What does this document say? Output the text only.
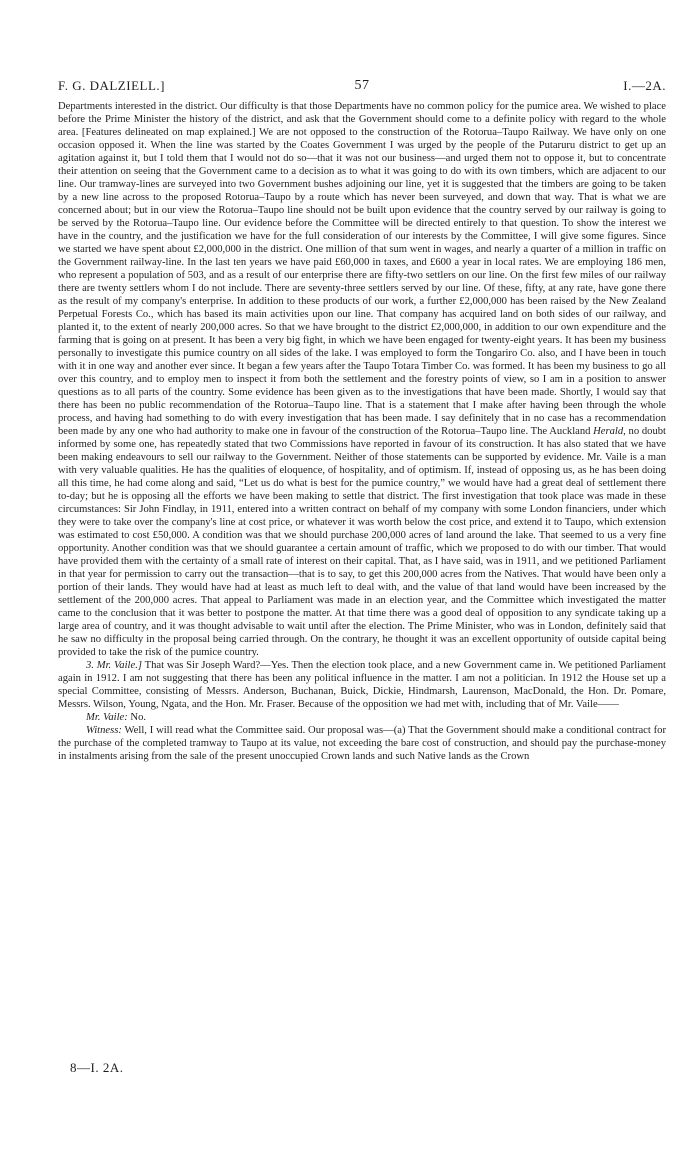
F. G. DALZIELL.]	57	I.—2A.

Departments interested in the district. Our difficulty is that those Departments have no common policy for the pumice area. We wished to place before the Prime Minister the history of the district, and ask that the Government should come to a definite policy with regard to the whole area. [Features delineated on map explained.] We are not opposed to the construction of the Rotorua–Taupo Railway. We have only on one occasion opposed it. When the line was started by the Coates Government I was urged by the people of the Putaruru district to get up an agitation against it, but I told them that I would not do so—that it was not our business—and urged them not to oppose it, but to concentrate their attention on seeing that the Government came to a decision as to what it was going to do with its own timbers, which are adjacent to our line. Our tramway-lines are surveyed into two Government bushes adjoining our line, yet it is suggested that the timbers are going to be taken by a new line across to the proposed Rotorua–Taupo by a route which has never been surveyed, and down that way. That is what we are concerned about; but in our view the Rotorua–Taupo line should not be built upon evidence that the country served by our railway is going to be served by the Rotorua–Taupo line. Our evidence before the Committee will be directed entirely to that question. To show the interest we have in the country, and the justification we have for the full consideration of our interests by the Committee, I will give some figures. Since we started we have spent about £2,000,000 in the district. One million of that sum went in wages, and nearly a quarter of a million in traffic on the Government railway-line. In the last ten years we have paid £60,000 in taxes, and £600 a year in local rates. We are employing 186 men, who represent a population of 503, and as a result of our enterprise there are fifty-two settlers on our line. On the first few miles of our railway there are twenty settlers whom I do not include. There are seventy-three settlers served by our line. Of these, fifty, at any rate, have gone there as the result of my company's enterprise. In addition to these products of our work, a further £2,000,000 has been raised by the New Zealand Perpetual Forests Co., which has based its main activities upon our line. That company has acquired land on both sides of our railway, and planted it, to the extent of nearly 200,000 acres. So that we have brought to the district £2,000,000, in addition to our own expenditure and the farming that is going on at present. It has been a very big fight, in which we have been engaged for twenty-eight years. It has been my business personally to investigate this pumice country on all sides of the lake. I was employed to form the Tongariro Co. also, and I have been in touch with it in one way and another ever since. It began a few years after the Taupo Totara Timber Co. was formed. It has been my business to go all over this country, and to employ men to inspect it from both the settlement and the forestry points of view, so I am in a position to answer questions as to all parts of the country. Some evidence has been given as to the investigations that have been made. Shortly, I would say that there has been no public recommendation of the Rotorua–Taupo line. That is a statement that I make after having been through the whole process, and having had something to do with every investigation that has been made. I say definitely that in no case has a recommendation been made by any one who had authority to make one in favour of the construction of the Rotorua–Taupo line. The Auckland Herald, no doubt informed by some one, has repeatedly stated that two Commissions have reported in favour of its construction. It has also stated that we have been making endeavours to sell our railway to the Government. Neither of those statements can be supported by evidence. Mr. Vaile is a man with very valuable qualities. He has the qualities of eloquence, of hospitality, and of optimism. If, instead of opposing us, as he has been doing all this time, he had come along and said, “Let us do what is best for the pumice country,” we would have had a great deal of settlement there to-day; but he is opposing all the efforts we have been making to settle that district. The first investigation that took place was made in these circumstances: Sir John Findlay, in 1911, entered into a written contract on behalf of my company with some London financiers, under which they were to take over the company's line at cost price, or whatever it was worth below the cost price, and extend it to Taupo, which extension was estimated to cost £50,000. A condition was that we should purchase 200,000 acres of land around the lake. That seemed to us a very fine opportunity. Another condition was that we should guarantee a certain amount of traffic, which we proposed to do with our timber. That would have provided them with the certainty of a small rate of interest on their capital. That, as I have said, was in 1911, and we petitioned Parliament in that year for permission to carry out the transaction—that is to say, to get this 200,000 acres from the Natives. That would have been only a portion of their lands. They would have had at least as much left to deal with, and the value of that land would have been increased by the settlement of the 200,000 acres. That appeal to Parliament was made in an election year, and the Committee which investigated the matter came to the conclusion that it was better to postpone the matter. At that time there was a good deal of opposition to any syndicate taking up a large area of country, and it was thought advisable to wait until after the election. The Prime Minister, who was in London, definitely said that he saw no difficulty in the proposal being carried through. On the contrary, he thought it was an excellent opportunity of outside capital being provided to take the risk of the pumice country.

3. Mr. Vaile.] That was Sir Joseph Ward?—Yes. Then the election took place, and a new Government came in. We petitioned Parliament again in 1912. I am not suggesting that there has been any political influence in the matter. I am not a politician. In 1912 the House set up a special Committee, consisting of Messrs. Anderson, Buchanan, Buick, Dickie, Hindmarsh, Laurenson, MacDonald, the Hon. Dr. Pomare, Messrs. Wilson, Young, Ngata, and the Hon. Mr. Fraser. Because of the opposition we had met with, including that of Mr. Vaile——

Mr. Vaile: No.

Witness: Well, I will read what the Committee said. Our proposal was—(a) That the Government should make a conditional contract for the purchase of the completed tramway to Taupo at its value, not exceeding the bare cost of construction, and should pay the purchase-money in instalments arising from the sale of the present unoccupied Crown lands and such Native lands as the Crown

8—I. 2A.
